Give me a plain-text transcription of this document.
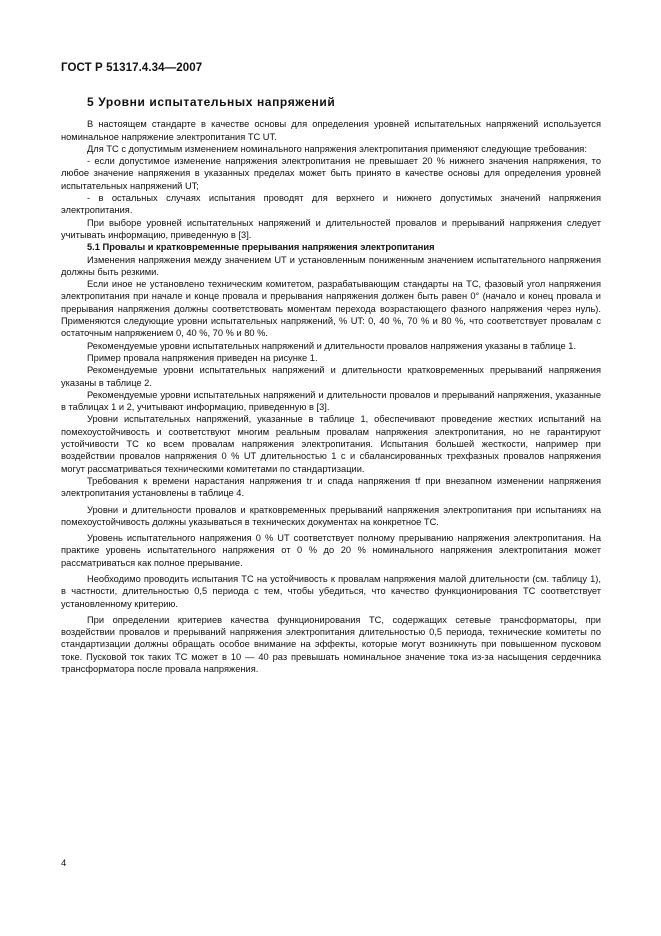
ГОСТ Р 51317.4.34—2007
5 Уровни испытательных напряжений

В настоящем стандарте в качестве основы для определения уровней испытательных напряжений используется номинальное напряжение электропитания ТС UT.

Для ТС с допустимым изменением номинального напряжения электропитания применяют следующие требования:

- если допустимое изменение напряжения электропитания не превышает 20 % нижнего значения напряжения, то любое значение напряжения в указанных пределах может быть принято в качестве основы для определения уровней испытательных напряжений UT;

- в остальных случаях испытания проводят для верхнего и нижнего допустимых значений напряжения электропитания.

При выборе уровней испытательных напряжений и длительностей провалов и прерываний напряжения следует учитывать информацию, приведенную в [3].

5.1 Провалы и кратковременные прерывания напряжения электропитания

Изменения напряжения между значением UT и установленным пониженным значением испытательного напряжения должны быть резкими.

Если иное не установлено техническим комитетом, разрабатывающим стандарты на ТС, фазовый угол напряжения электропитания при начале и конце провала и прерывания напряжения должен быть равен 0° (начало и конец провала и прерывания напряжения должны соответствовать моментам перехода возрастающего фазного напряжения через нуль). Применяются следующие уровни испытательных напряжений, % UT: 0, 40 %, 70 % и 80 %, что соответствует провалам с остаточным напряжением 0, 40 %, 70 % и 80 %.

Рекомендуемые уровни испытательных напряжений и длительности провалов напряжения указаны в таблице 1.

Пример провала напряжения приведен на рисунке 1.

Рекомендуемые уровни испытательных напряжений и длительности кратковременных прерываний напряжения указаны в таблице 2.

Рекомендуемые уровни испытательных напряжений и длительности провалов и прерываний напряжения, указанные в таблицах 1 и 2, учитывают информацию, приведенную в [3].

Уровни испытательных напряжений, указанные в таблице 1, обеспечивают проведение жестких испытаний на помехоустойчивость и соответствуют многим реальным провалам напряжения электропитания, но не гарантируют устойчивости ТС ко всем провалам напряжения электропитания. Испытания большей жесткости, например при воздействии провалов напряжения 0 % UT длительностью 1 с и сбалансированных трехфазных провалов напряжения могут рассматриваться техническими комитетами по стандартизации.

Требования к времени нарастания напряжения tr и спада напряжения tf при внезапном изменении напряжения электропитания установлены в таблице 4.

Уровни и длительности провалов и кратковременных прерываний напряжения электропитания при испытаниях на помехоустойчивость должны указываться в технических документах на конкретное ТС.

Уровень испытательного напряжения 0 % UT соответствует полному прерыванию напряжения электропитания. На практике уровень испытательного напряжения от 0 % до 20 % номинального напряжения электропитания может рассматриваться как полное прерывание.

Необходимо проводить испытания ТС на устойчивость к провалам напряжения малой длительности (см. таблицу 1), в частности, длительностью 0,5 периода с тем, чтобы убедиться, что качество функционирования ТС соответствует установленному критерию.

При определении критериев качества функционирования ТС, содержащих сетевые трансформаторы, при воздействии провалов и прерываний напряжения электропитания длительностью 0,5 периода, технические комитеты по стандартизации должны обращать особое внимание на эффекты, которые могут возникнуть при повышенном пусковом токе. Пусковой ток таких ТС может в 10 — 40 раз превышать номинальное значение тока из-за насыщения сердечника трансформатора после провала напряжения.

4
